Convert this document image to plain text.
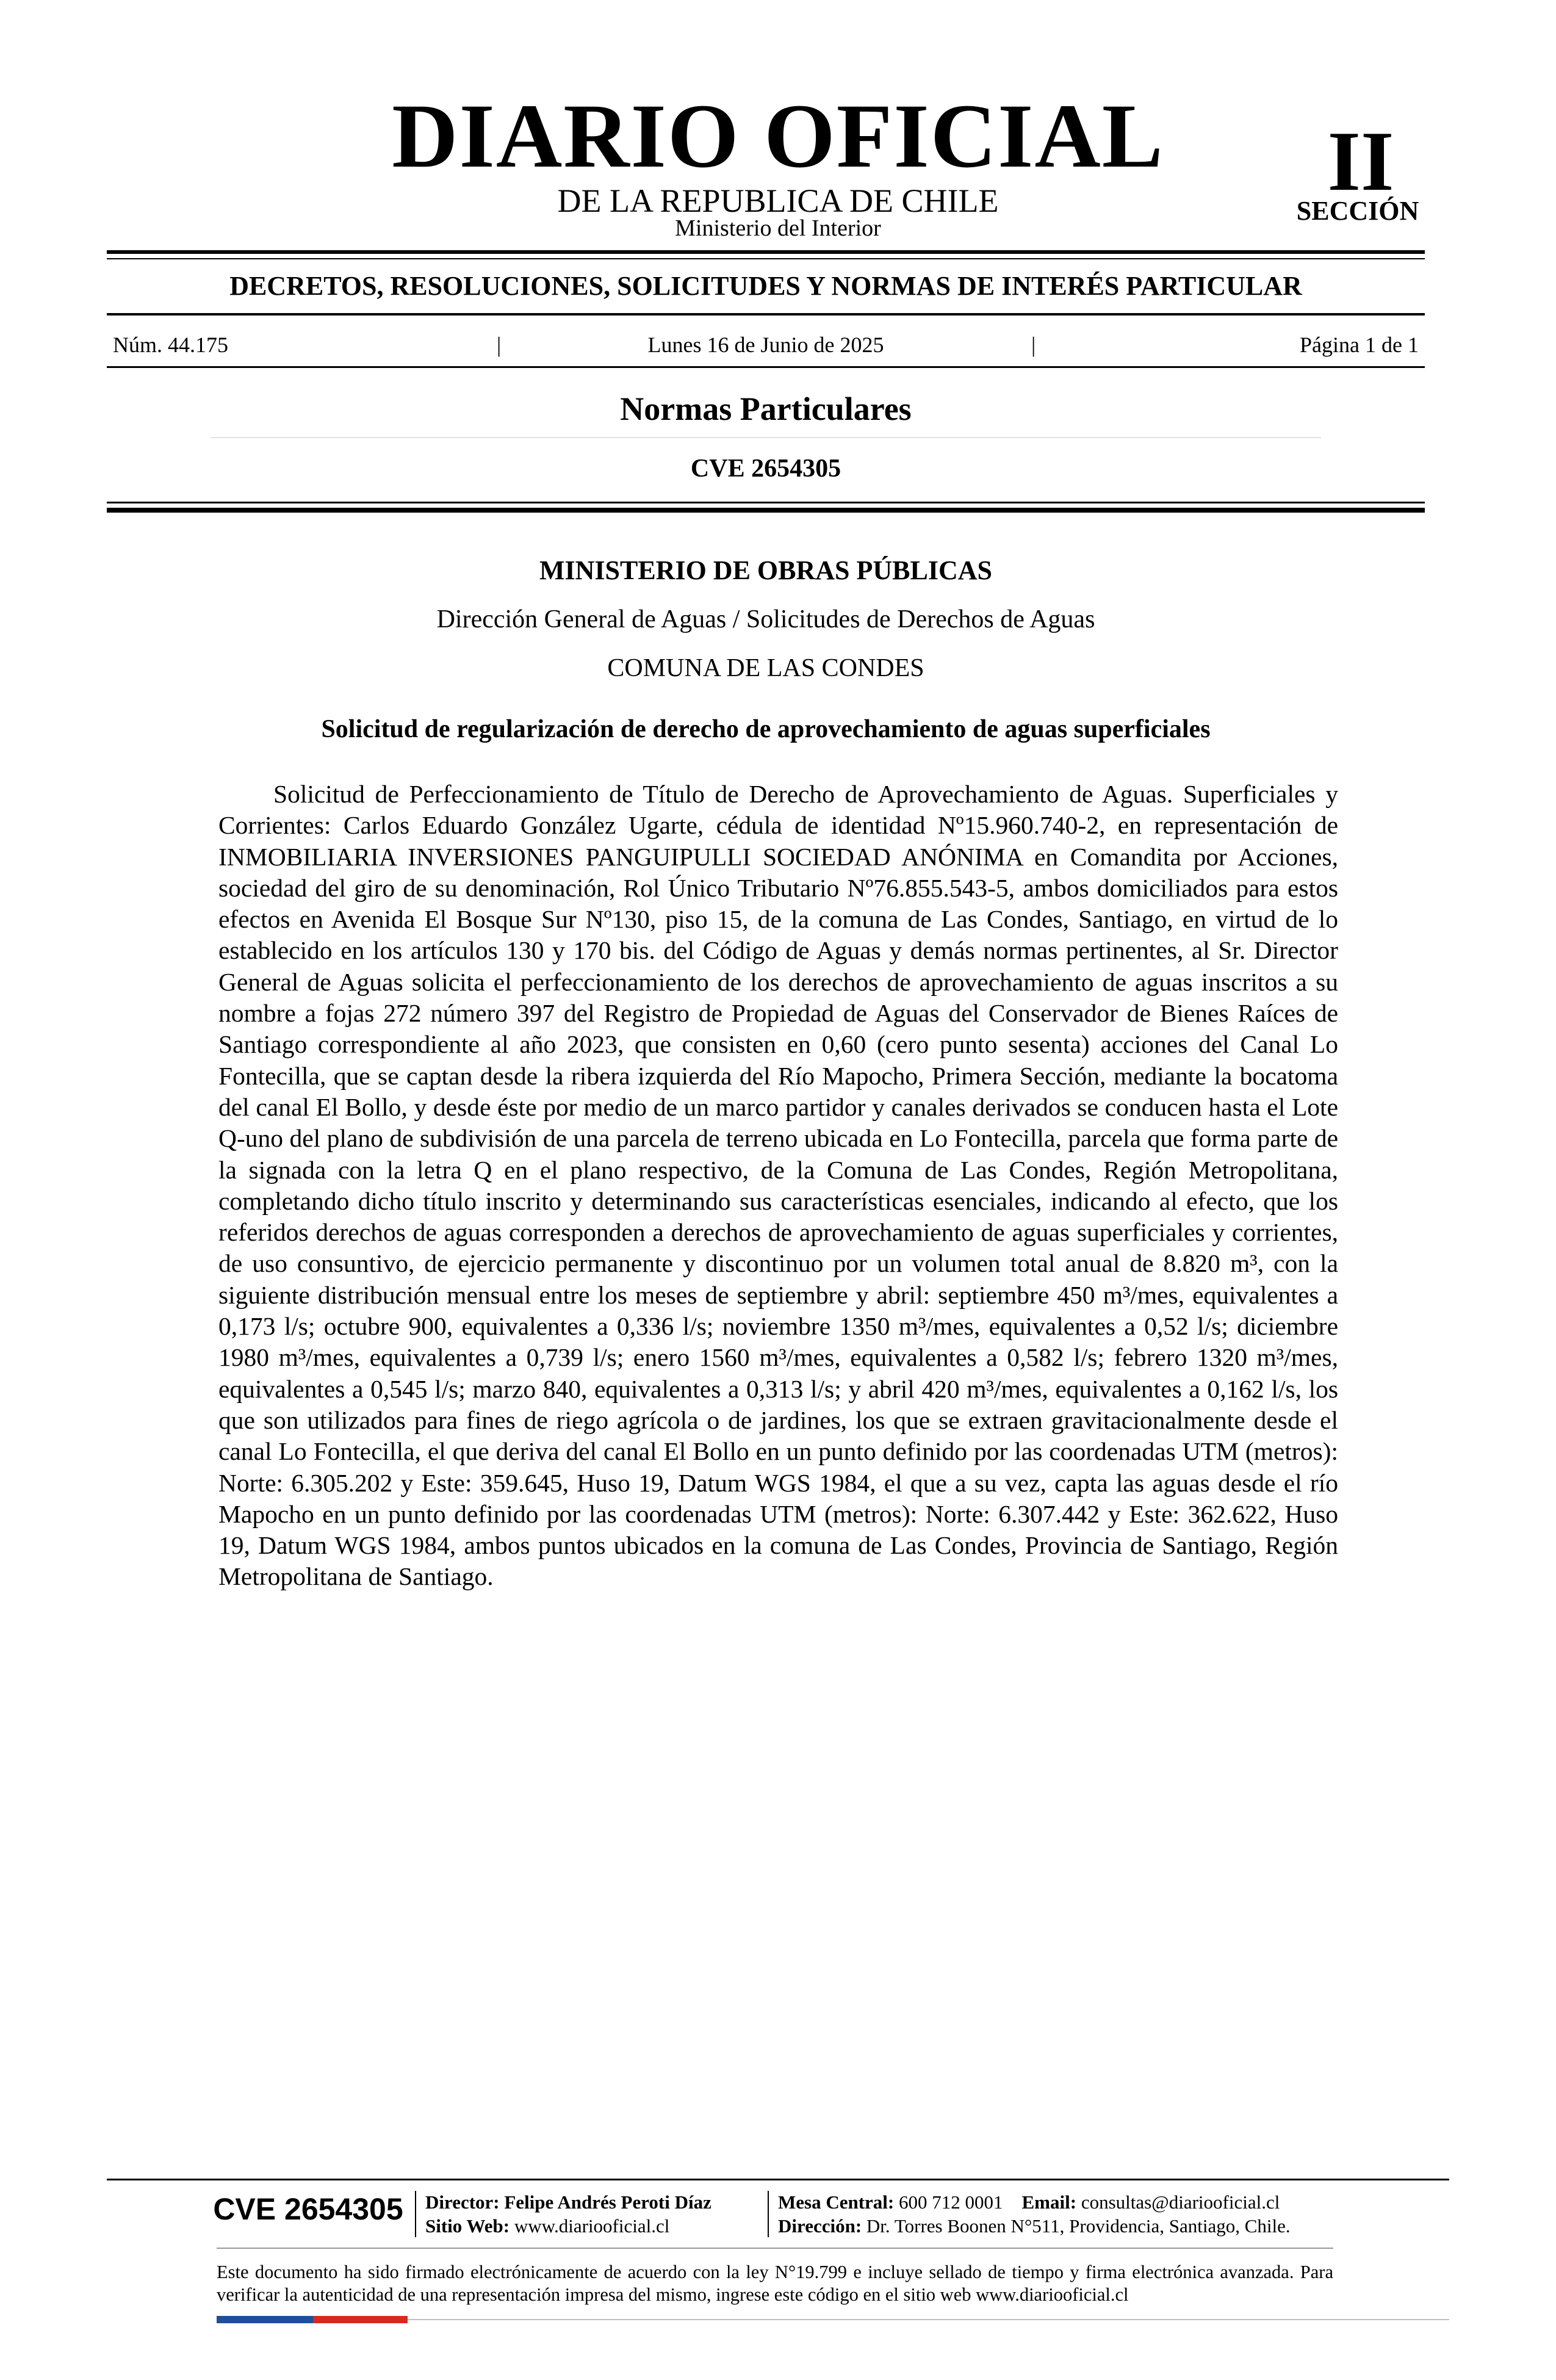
DIARIO OFICIAL
DE LA REPUBLICA DE CHILE
Ministerio del Interior
II
SECCIÓN
DECRETOS, RESOLUCIONES, SOLICITUDES Y NORMAS DE INTERÉS PARTICULAR
Núm. 44.175	|	Lunes 16 de Junio de 2025	|	Página 1 de 1
Normas Particulares
CVE 2654305
MINISTERIO DE OBRAS PÚBLICAS
Dirección General de Aguas / Solicitudes de Derechos de Aguas
COMUNA DE LAS CONDES
Solicitud de regularización de derecho de aprovechamiento de aguas superficiales
Solicitud de Perfeccionamiento de Título de Derecho de Aprovechamiento de Aguas. Superficiales y Corrientes: Carlos Eduardo González Ugarte, cédula de identidad Nº15.960.740-2, en representación de INMOBILIARIA INVERSIONES PANGUIPULLI SOCIEDAD ANÓNIMA en Comandita por Acciones, sociedad del giro de su denominación, Rol Único Tributario Nº76.855.543-5, ambos domiciliados para estos efectos en Avenida El Bosque Sur Nº130, piso 15, de la comuna de Las Condes, Santiago, en virtud de lo establecido en los artículos 130 y 170 bis. del Código de Aguas y demás normas pertinentes, al Sr. Director General de Aguas solicita el perfeccionamiento de los derechos de aprovechamiento de aguas inscritos a su nombre a fojas 272 número 397 del Registro de Propiedad de Aguas del Conservador de Bienes Raíces de Santiago correspondiente al año 2023, que consisten en 0,60 (cero punto sesenta) acciones del Canal Lo Fontecilla, que se captan desde la ribera izquierda del Río Mapocho, Primera Sección, mediante la bocatoma del canal El Bollo, y desde éste por medio de un marco partidor y canales derivados se conducen hasta el Lote Q-uno del plano de subdivisión de una parcela de terreno ubicada en Lo Fontecilla, parcela que forma parte de la signada con la letra Q en el plano respectivo, de la Comuna de Las Condes, Región Metropolitana, completando dicho título inscrito y determinando sus características esenciales, indicando al efecto, que los referidos derechos de aguas corresponden a derechos de aprovechamiento de aguas superficiales y corrientes, de uso consuntivo, de ejercicio permanente y discontinuo por un volumen total anual de 8.820 m³, con la siguiente distribución mensual entre los meses de septiembre y abril: septiembre 450 m³/mes, equivalentes a 0,173 l/s; octubre 900, equivalentes a 0,336 l/s; noviembre 1350 m³/mes, equivalentes a 0,52 l/s; diciembre 1980 m³/mes, equivalentes a 0,739 l/s; enero 1560 m³/mes, equivalentes a 0,582 l/s; febrero 1320 m³/mes, equivalentes a 0,545 l/s; marzo 840, equivalentes a 0,313 l/s; y abril 420 m³/mes, equivalentes a 0,162 l/s, los que son utilizados para fines de riego agrícola o de jardines, los que se extraen gravitacionalmente desde el canal Lo Fontecilla, el que deriva del canal El Bollo en un punto definido por las coordenadas UTM (metros): Norte: 6.305.202 y Este: 359.645, Huso 19, Datum WGS 1984, el que a su vez, capta las aguas desde el río Mapocho en un punto definido por las coordenadas UTM (metros): Norte: 6.307.442 y Este: 362.622, Huso 19, Datum WGS 1984, ambos puntos ubicados en la comuna de Las Condes, Provincia de Santiago, Región Metropolitana de Santiago.
CVE 2654305	Director: Felipe Andrés Peroti Díaz
Sitio Web: www.diariooficial.cl
Mesa Central: 600 712 0001 Email: consultas@diariooficial.cl
Dirección: Dr. Torres Boonen N°511, Providencia, Santiago, Chile.
Este documento ha sido firmado electrónicamente de acuerdo con la ley N°19.799 e incluye sellado de tiempo y firma electrónica avanzada. Para verificar la autenticidad de una representación impresa del mismo, ingrese este código en el sitio web www.diariooficial.cl
